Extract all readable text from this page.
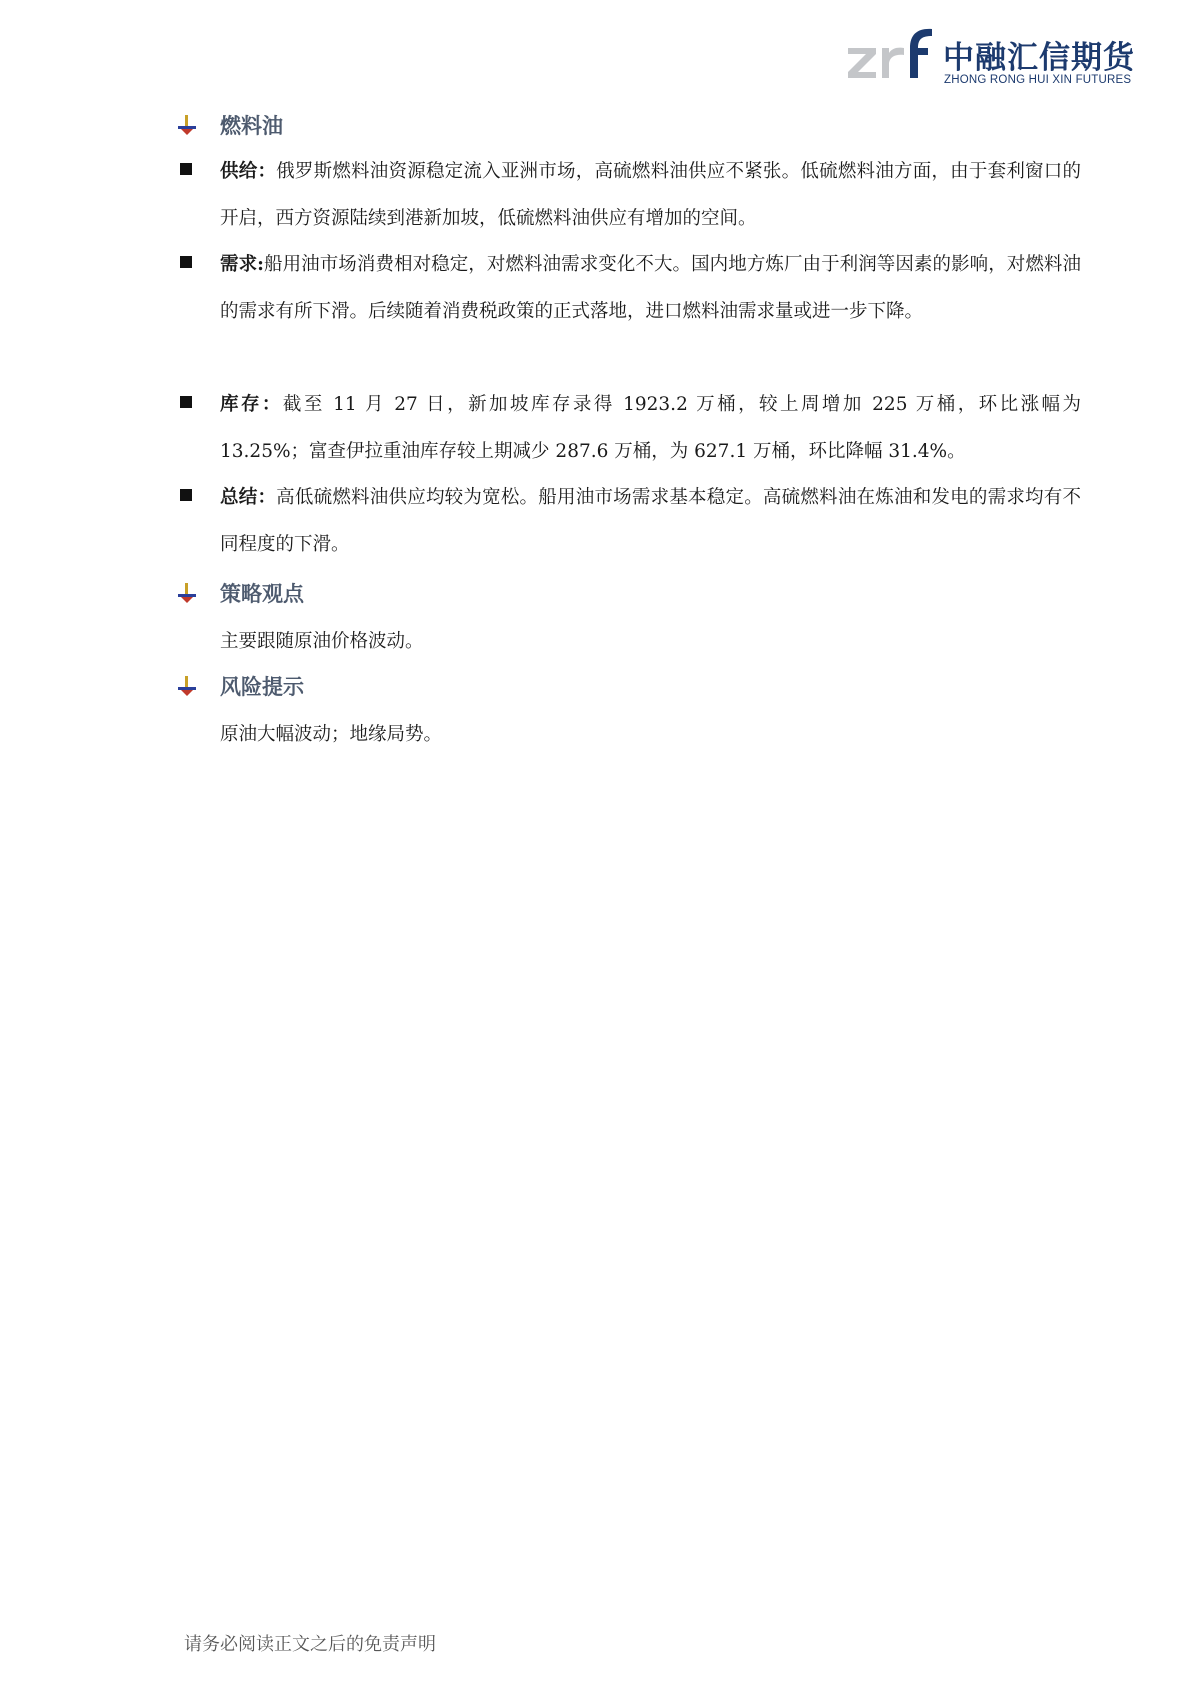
中融汇信期货
ZHONG RONG HUI XIN FUTURES
燃料油
供给：俄罗斯燃料油资源稳定流入亚洲市场，高硫燃料油供应不紧张。低硫燃料油方面，由于套利窗口的开启，西方资源陆续到港新加坡，低硫燃料油供应有增加的空间。
需求:船用油市场消费相对稳定，对燃料油需求变化不大。国内地方炼厂由于利润等因素的影响，对燃料油的需求有所下滑。后续随着消费税政策的正式落地，进口燃料油需求量或进一步下降。
库存：截至 11 月 27 日，新加坡库存录得 1923.2 万桶，较上周增加 225 万桶，环比涨幅为 13.25%；富查伊拉重油库存较上期减少 287.6 万桶，为 627.1 万桶，环比降幅 31.4%。
总结：高低硫燃料油供应均较为宽松。船用油市场需求基本稳定。高硫燃料油在炼油和发电的需求均有不同程度的下滑。
策略观点
主要跟随原油价格波动。
风险提示
原油大幅波动；地缘局势。
请务必阅读正文之后的免责声明
